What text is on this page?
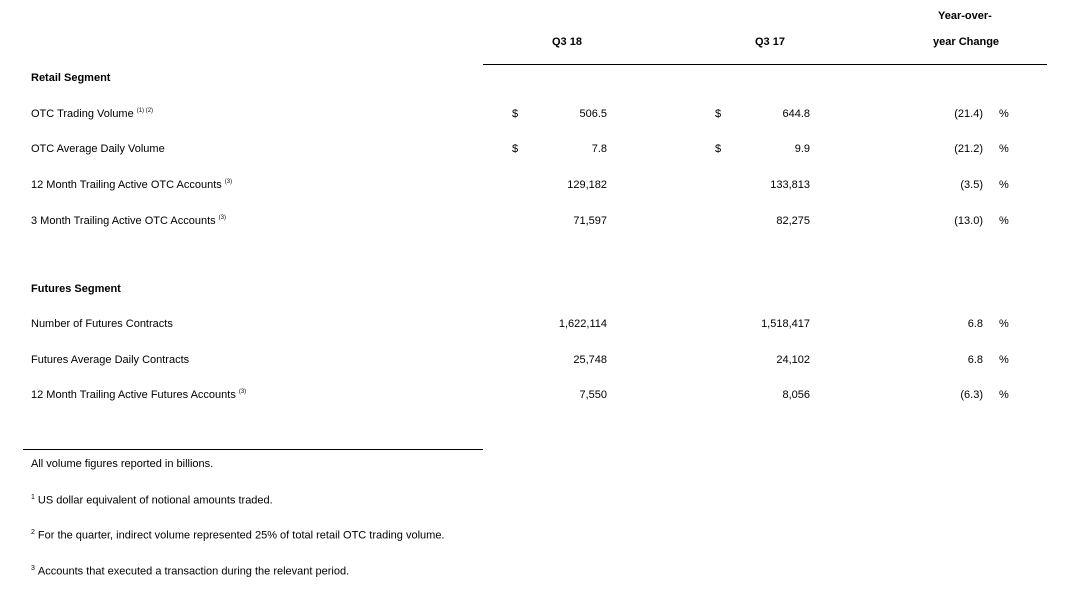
Year-over-
Q3 18	Q3 17	year Change
Retail Segment
OTC Trading Volume $^{(1) (2)}$	$	506.5	$	644.8	(21.4) %
OTC Average Daily Volume	$	7.8	$	9.9	(21.2) %
12 Month Trailing Active OTC Accounts $^{(3)}$	129,182	133,813	(3.5) %
3 Month Trailing Active OTC Accounts $^{(3)}$	71,597	82,275	(13.0) %
Futures Segment
Number of Futures Contracts	1,622,114	1,518,417	6.8 %
Futures Average Daily Contracts	25,748	24,102	6.8 %
12 Month Trailing Active Futures Accounts $^{(3)}$	7,550	8,056	(6.3) %
All volume figures reported in billions.
$^1$ US dollar equivalent of notional amounts traded.
$^2$ For the quarter, indirect volume represented 25% of total retail OTC trading volume.
$^3$ Accounts that executed a transaction during the relevant period.
